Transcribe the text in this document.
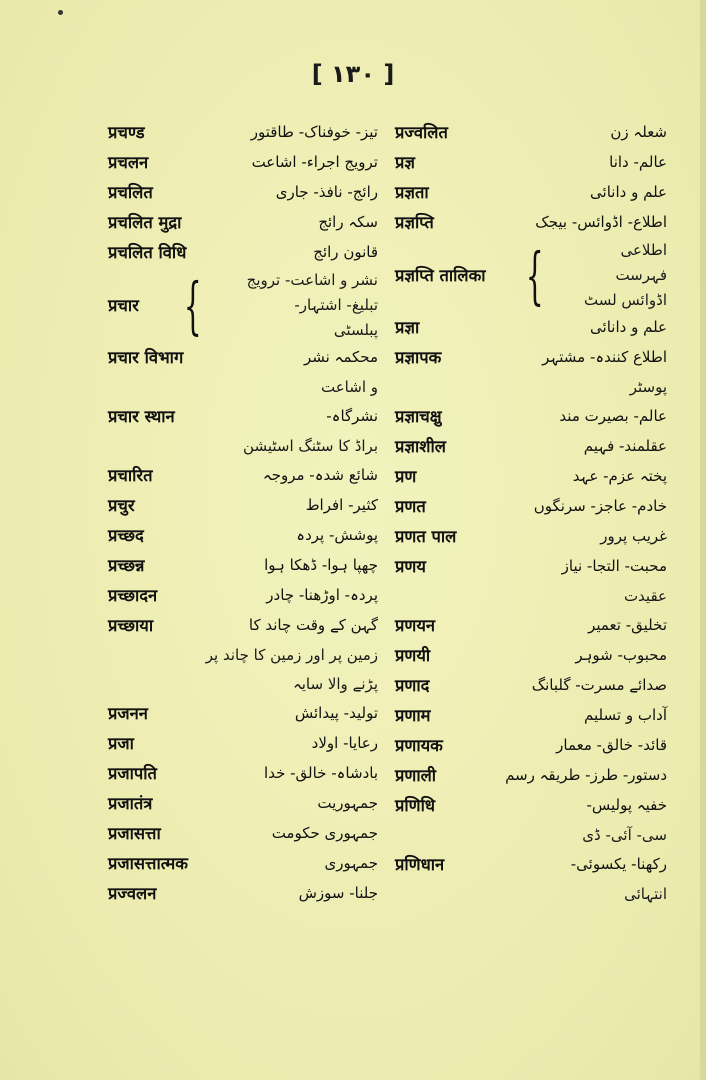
[ ١٣٠ ]
प्रचण्ड	تیز- خوفناک- طاقتور
प्रचलन	ترویج اجراء- اشاعت
प्रचलित	رائج- نافذ- جاری
प्रचलित मुद्रा	سکہ رائج
प्रचलित विधि	قانون رائج
प्रचार {	نشر و اشاعت- ترویج
تبلیغ- اشتہار-
پبلسٹی
प्रचार विभाग	محکمہ نشر
و اشاعت
प्रचार स्थान	نشرگاہ-
براڈ کا سٹنگ اسٹیشن
प्रचारित	شائع شدہ- مروجہ
प्रचुर	کثیر- افراط
प्रच्छद	پوشش- پردہ
प्रच्छन्न	چھپا ہوا- ڈھکا ہوا
प्रच्छादन	پردہ- اوڑھنا- چادر
प्रच्छाया	گہن کے وقت چاند کا
زمین پر اور زمین کا چاند پر
پڑنے والا سایہ
प्रजनन	تولید- پیدائش
प्रजा	رعایا- اولاد
प्रजापति	بادشاہ- خالق- خدا
प्रजातंत्र	جمہوریت
प्रजासत्ता	جمہوری حکومت
प्रजासत्तात्मक	جمہوری
प्रज्वलन	جلنا- سوزش
प्रज्वलित	شعلہ زن
प्रज्ञ	عالم- دانا
प्रज्ञता	علم و دانائی
प्रज्ञप्ति	اطلاع- اڈوائس- بیجک
प्रज्ञप्ति तालिका {	اطلاعی
فہرست
اڈوائس لسٹ
प्रज्ञा	علم و دانائی
प्रज्ञापक	اطلاع کنندہ- مشتہر
پوسٹر
प्रज्ञाचक्षु	عالم- بصیرت مند
प्रज्ञाशील	عقلمند- فہیم
प्रण	پختہ عزم- عہد
प्रणत	خادم- عاجز- سرنگوں
प्रणत पाल	غریب پرور
प्रणय	محبت- التجا- نیاز
عقیدت
प्रणयन	تخلیق- تعمیر
प्रणयी	محبوب- شوہر
प्रणाद	صدائے مسرت- گلبانگ
प्रणाम	آداب و تسلیم
प्रणायक	قائد- خالق- معمار
प्रणाली	دستور- طرز- طریقہ رسم
प्रणिधि	خفیہ پولیس-
سی- آئی- ڈی
प्रणिधान	رکھنا- یکسوئی-
انتہائی
